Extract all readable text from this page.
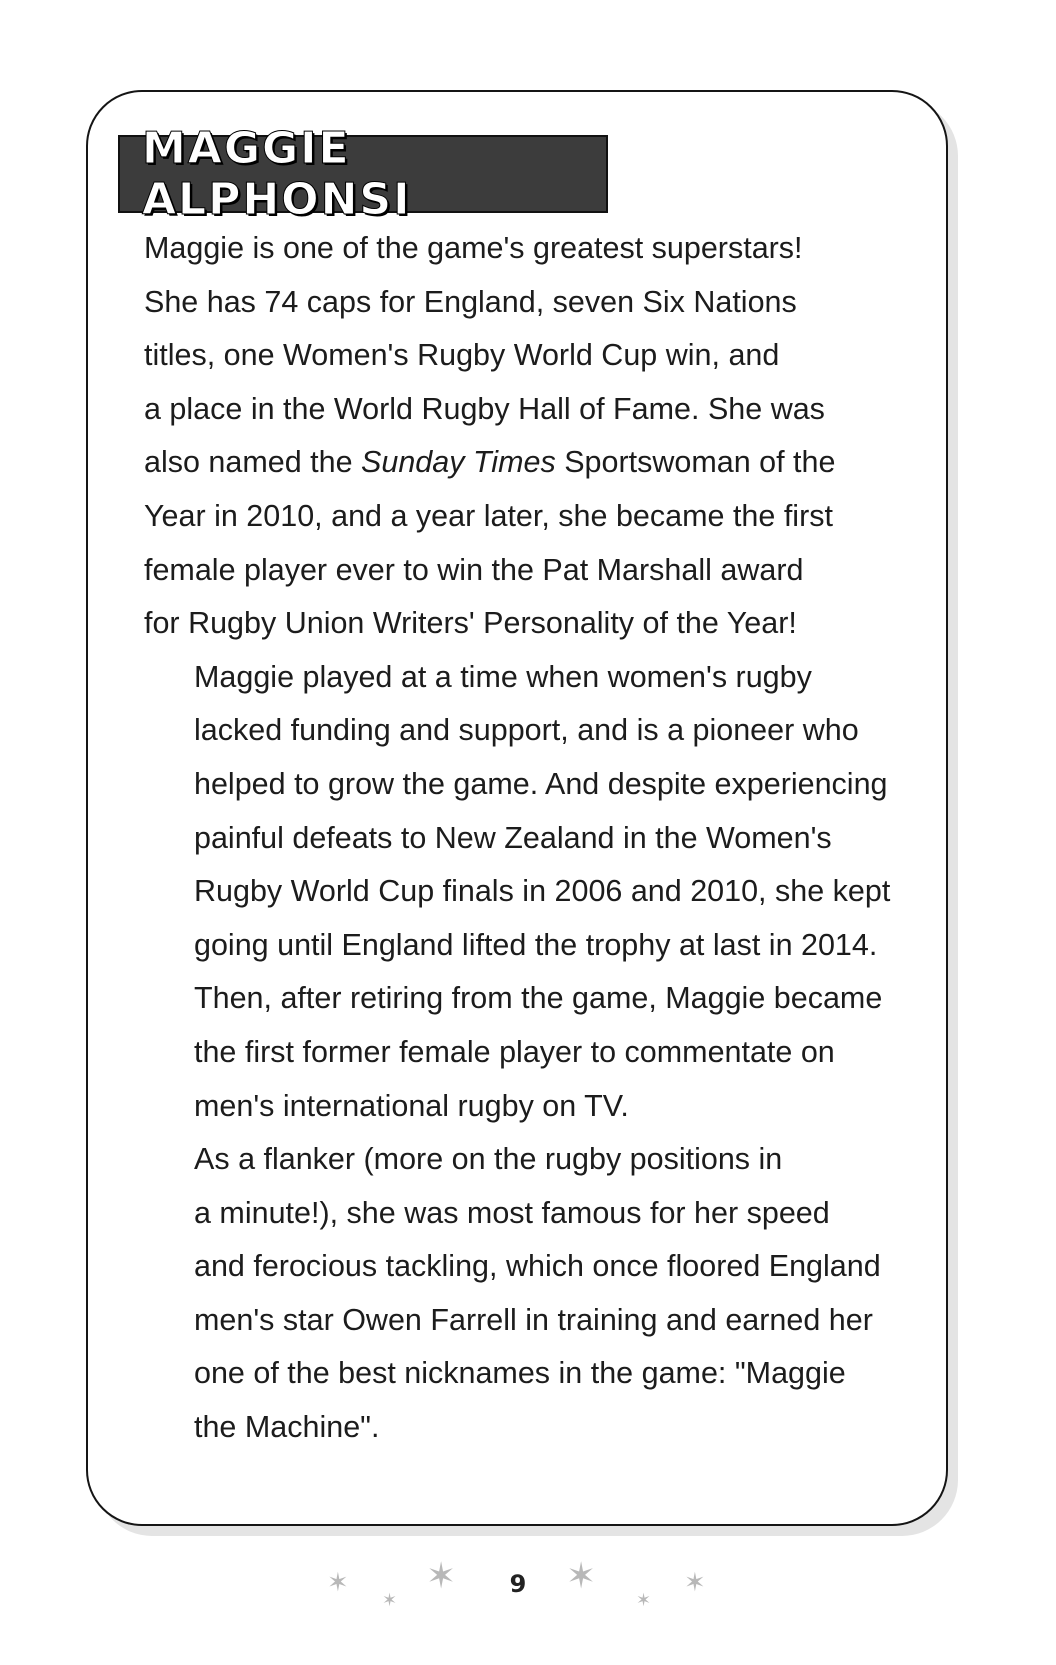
MAGGIE ALPHONSI

Maggie is one of the game's greatest superstars!
She has 74 caps for England, seven Six Nations
titles, one Women's Rugby World Cup win, and
a place in the World Rugby Hall of Fame. She was
also named the Sunday Times Sportswoman of the
Year in 2010, and a year later, she became the first
female player ever to win the Pat Marshall award
for Rugby Union Writers' Personality of the Year!

Maggie played at a time when women's rugby
lacked funding and support, and is a pioneer who
helped to grow the game. And despite experiencing
painful defeats to New Zealand in the Women's
Rugby World Cup finals in 2006 and 2010, she kept
going until England lifted the trophy at last in 2014.
Then, after retiring from the game, Maggie became
the first former female player to commentate on
men's international rugby on TV.

As a flanker (more on the rugby positions in
a minute!), she was most famous for her speed
and ferocious tackling, which once floored England
men's star Owen Farrell in training and earned her
one of the best nicknames in the game: "Maggie
the Machine".

✶
✶
✶ 9 ✶
✶
✶
